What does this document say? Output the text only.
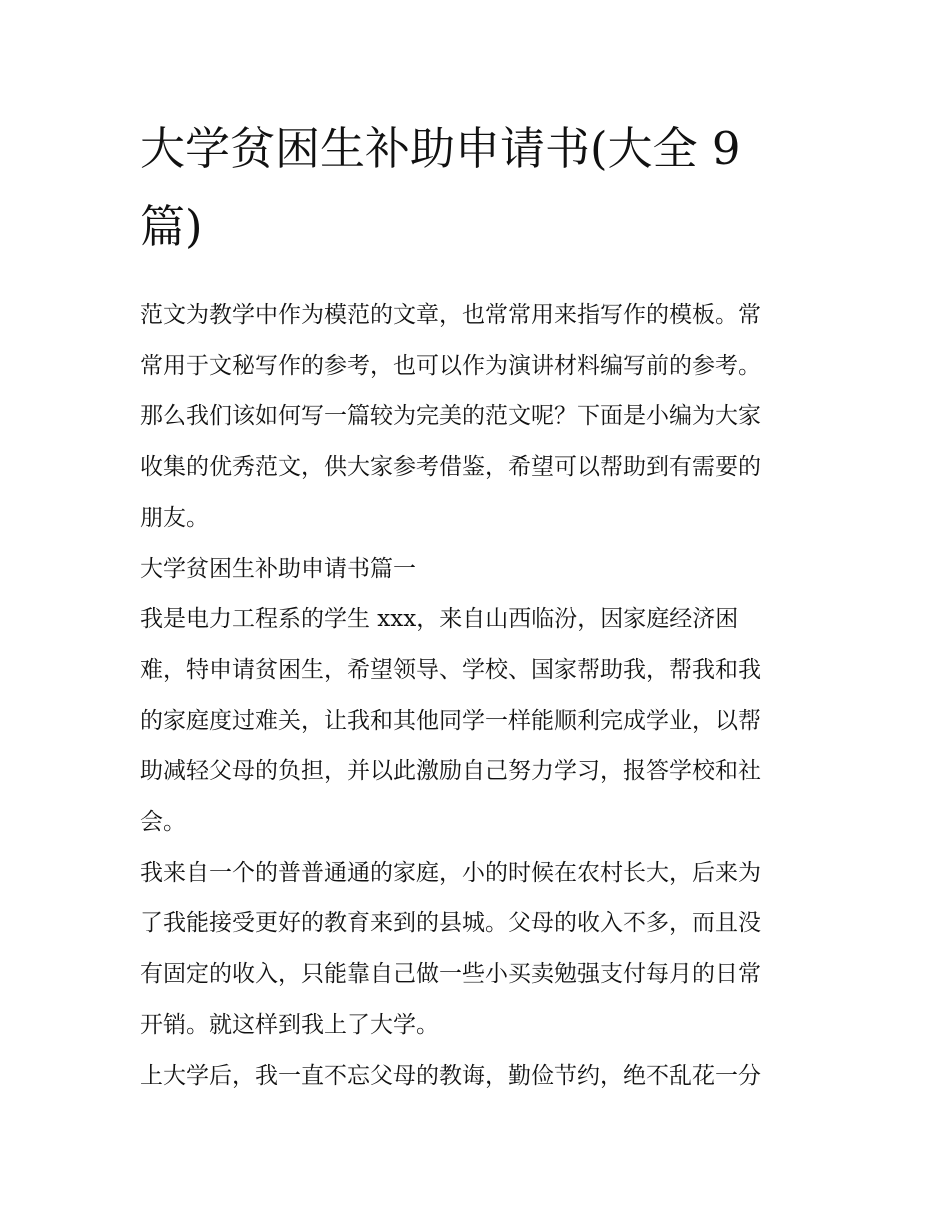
大学贫困生补助申请书(大全 9
篇)

范文为教学中作为模范的文章，也常常用来指写作的模板。常
常用于文秘写作的参考，也可以作为演讲材料编写前的参考。
那么我们该如何写一篇较为完美的范文呢？下面是小编为大家
收集的优秀范文，供大家参考借鉴，希望可以帮助到有需要的
朋友。

大学贫困生补助申请书篇一

我是电力工程系的学生 xxx，来自山西临汾，因家庭经济困
难，特申请贫困生，希望领导、学校、国家帮助我，帮我和我
的家庭度过难关，让我和其他同学一样能顺利完成学业，以帮
助减轻父母的负担，并以此激励自己努力学习，报答学校和社
会。

我来自一个的普普通通的家庭，小的时候在农村长大，后来为
了我能接受更好的教育来到的县城。父母的收入不多，而且没
有固定的收入，只能靠自己做一些小买卖勉强支付每月的日常
开销。就这样到我上了大学。

上大学后，我一直不忘父母的教诲，勤俭节约，绝不乱花一分
